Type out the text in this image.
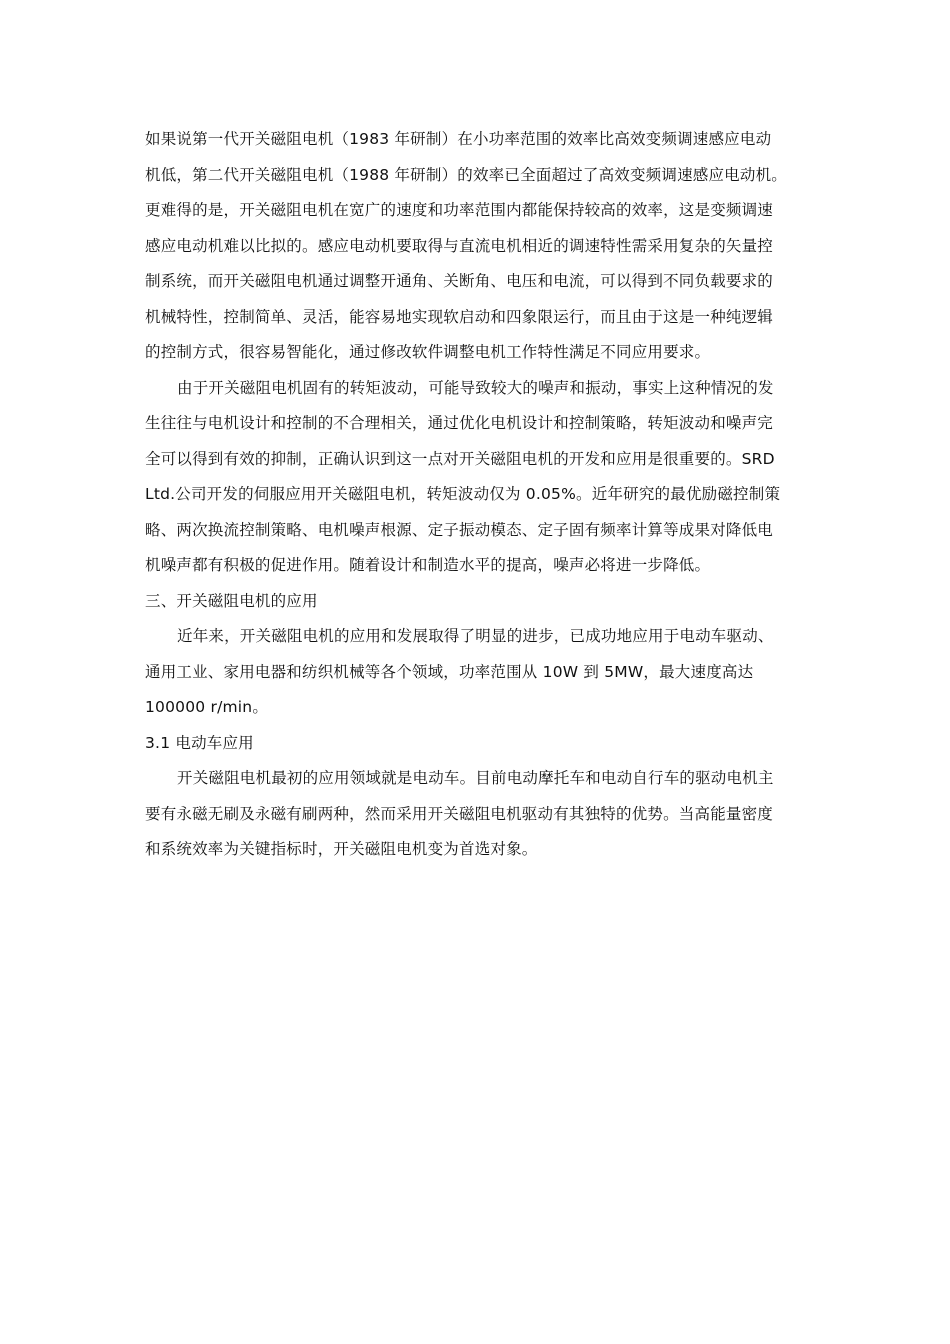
如果说第一代开关磁阻电机（1983 年研制）在小功率范围的效率比高效变频调速感应电动
机低，第二代开关磁阻电机（1988 年研制）的效率已全面超过了高效变频调速感应电动机。
更难得的是，开关磁阻电机在宽广的速度和功率范围内都能保持较高的效率，这是变频调速
感应电动机难以比拟的。感应电动机要取得与直流电机相近的调速特性需采用复杂的矢量控
制系统，而开关磁阻电机通过调整开通角、关断角、电压和电流，可以得到不同负载要求的
机械特性，控制简单、灵活，能容易地实现软启动和四象限运行，而且由于这是一种纯逻辑
的控制方式，很容易智能化，通过修改软件调整电机工作特性满足不同应用要求。
由于开关磁阻电机固有的转矩波动，可能导致较大的噪声和振动，事实上这种情况的发
生往往与电机设计和控制的不合理相关，通过优化电机设计和控制策略，转矩波动和噪声完
全可以得到有效的抑制，正确认识到这一点对开关磁阻电机的开发和应用是很重要的。SRD
Ltd.公司开发的伺服应用开关磁阻电机，转矩波动仅为 0.05%。近年研究的最优励磁控制策
略、两次换流控制策略、电机噪声根源、定子振动模态、定子固有频率计算等成果对降低电
机噪声都有积极的促进作用。随着设计和制造水平的提高，噪声必将进一步降低。
三、开关磁阻电机的应用
近年来，开关磁阻电机的应用和发展取得了明显的进步，已成功地应用于电动车驱动、
通用工业、家用电器和纺织机械等各个领域，功率范围从 10W 到 5MW，最大速度高达
100000 r/min。
3.1 电动车应用
开关磁阻电机最初的应用领域就是电动车。目前电动摩托车和电动自行车的驱动电机主
要有永磁无刷及永磁有刷两种，然而采用开关磁阻电机驱动有其独特的优势。当高能量密度
和系统效率为关键指标时，开关磁阻电机变为首选对象。
